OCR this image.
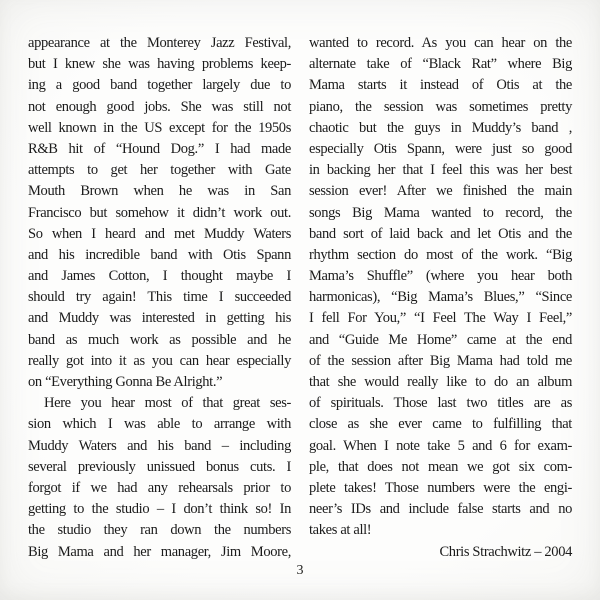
appearance at the Monterey Jazz Festival,
but I knew she was having problems keep-
ing a good band together largely due to
not enough good jobs. She was still not
well known in the US except for the 1950s
R&B hit of “Hound Dog.” I had made
attempts to get her together with Gate
Mouth Brown when he was in San
Francisco but somehow it didn’t work out.
So when I heard and met Muddy Waters
and his incredible band with Otis Spann
and James Cotton, I thought maybe I
should try again! This time I succeeded
and Muddy was interested in getting his
band as much work as possible and he
really got into it as you can hear especially
on “Everything Gonna Be Alright.”
Here you hear most of that great ses-
sion which I was able to arrange with
Muddy Waters and his band – including
several previously unissued bonus cuts. I
forgot if we had any rehearsals prior to
getting to the studio – I don’t think so! In
the studio they ran down the numbers
Big Mama and her manager, Jim Moore,
wanted to record. As you can hear on the
alternate take of “Black Rat” where Big
Mama starts it instead of Otis at the
piano, the session was sometimes pretty
chaotic but the guys in Muddy’s band ,
especially Otis Spann, were just so good
in backing her that I feel this was her best
session ever! After we finished the main
songs Big Mama wanted to record, the
band sort of laid back and let Otis and the
rhythm section do most of the work. “Big
Mama’s Shuffle” (where you hear both
harmonicas), “Big Mama’s Blues,” “Since
I fell For You,” “I Feel The Way I Feel,”
and “Guide Me Home” came at the end
of the session after Big Mama had told me
that she would really like to do an album
of spirituals. Those last two titles are as
close as she ever came to fulfilling that
goal. When I note take 5 and 6 for exam-
ple, that does not mean we got six com-
plete takes! Those numbers were the engi-
neer’s IDs and include false starts and no
takes at all!
Chris Strachwitz – 2004
3
